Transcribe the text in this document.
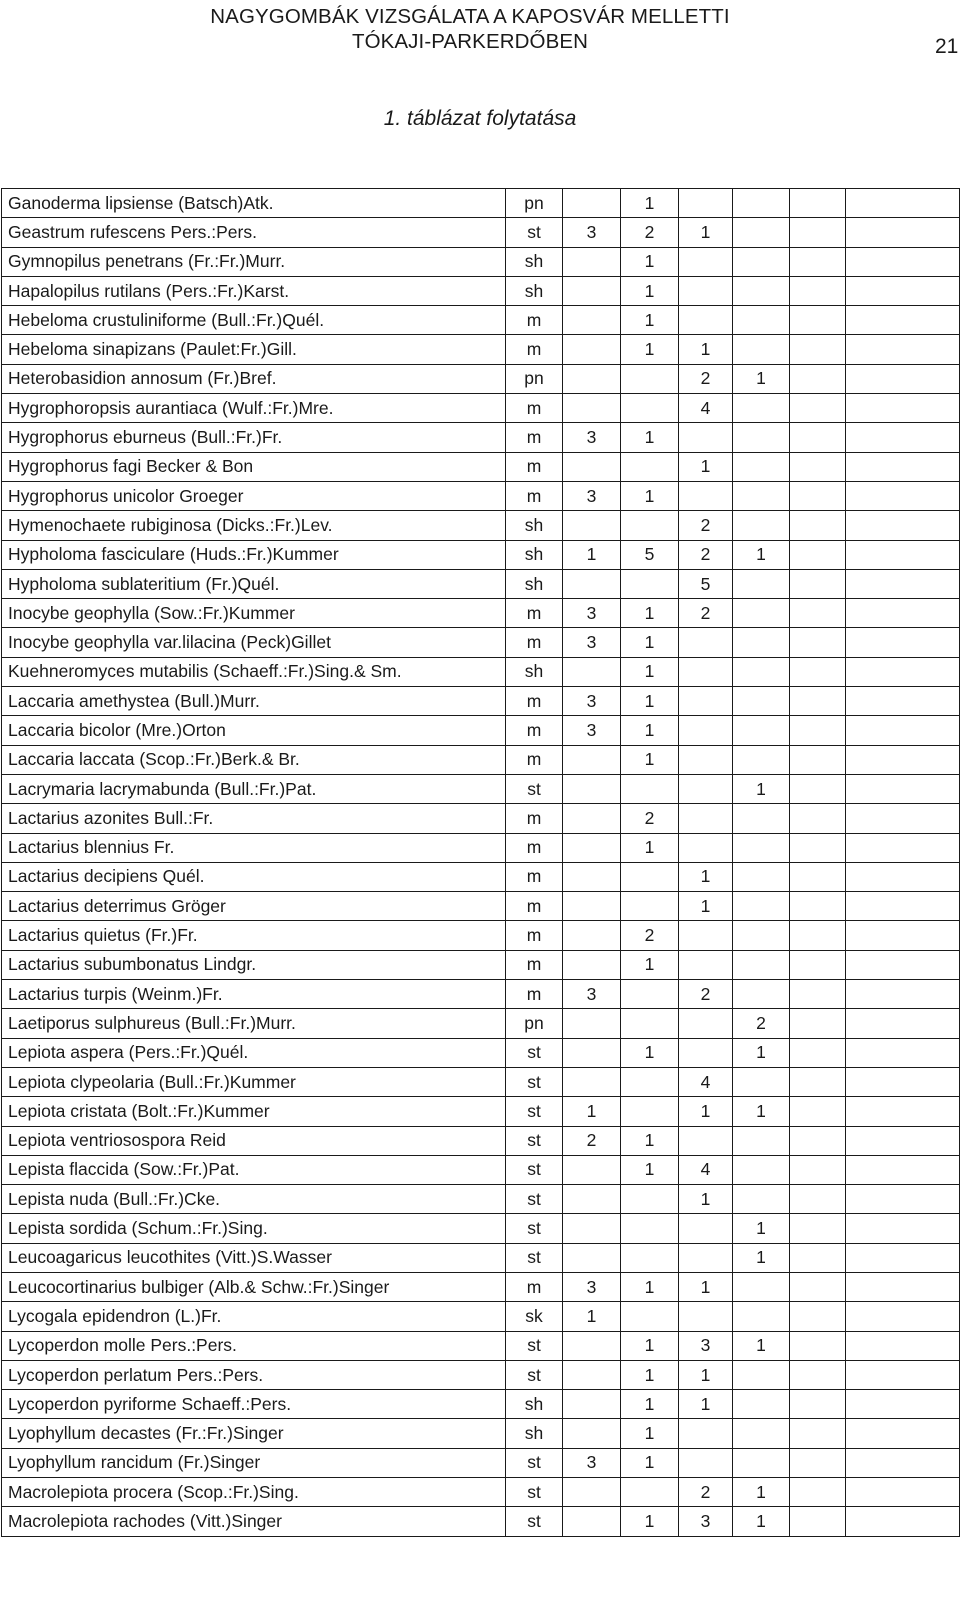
NAGYGOMBÁK VIZSGÁLATA A KAPOSVÁR MELLETTI
TÓKAJI-PARKERDŐBEN	21
1. táblázat folytatása
Ganoderma lipsiense (Batsch)Atk.	pn		1				
Geastrum rufescens Pers.:Pers.	st	3	2	1			
Gymnopilus penetrans (Fr.:Fr.)Murr.	sh		1				
Hapalopilus rutilans (Pers.:Fr.)Karst.	sh		1				
Hebeloma crustuliniforme (Bull.:Fr.)Quél.	m		1				
Hebeloma sinapizans (Paulet:Fr.)Gill.	m		1	1			
Heterobasidion annosum (Fr.)Bref.	pn			2	1		
Hygrophoropsis aurantiaca (Wulf.:Fr.)Mre.	m			4			
Hygrophorus eburneus (Bull.:Fr.)Fr.	m	3	1				
Hygrophorus fagi Becker & Bon	m			1			
Hygrophorus unicolor Groeger	m	3	1				
Hymenochaete rubiginosa (Dicks.:Fr.)Lev.	sh			2			
Hypholoma fasciculare (Huds.:Fr.)Kummer	sh	1	5	2	1		
Hypholoma sublateritium (Fr.)Quél.	sh			5			
Inocybe geophylla (Sow.:Fr.)Kummer	m	3	1	2			
Inocybe geophylla var.lilacina (Peck)Gillet	m	3	1				
Kuehneromyces mutabilis (Schaeff.:Fr.)Sing.& Sm.	sh		1				
Laccaria amethystea (Bull.)Murr.	m	3	1				
Laccaria bicolor (Mre.)Orton	m	3	1				
Laccaria laccata (Scop.:Fr.)Berk.& Br.	m		1				
Lacrymaria lacrymabunda (Bull.:Fr.)Pat.	st				1		
Lactarius azonites Bull.:Fr.	m		2				
Lactarius blennius Fr.	m		1				
Lactarius decipiens Quél.	m			1			
Lactarius deterrimus Gröger	m			1			
Lactarius quietus (Fr.)Fr.	m		2				
Lactarius subumbonatus Lindgr.	m		1				
Lactarius turpis (Weinm.)Fr.	m	3		2			
Laetiporus sulphureus (Bull.:Fr.)Murr.	pn				2		
Lepiota aspera (Pers.:Fr.)Quél.	st		1		1		
Lepiota clypeolaria (Bull.:Fr.)Kummer	st			4			
Lepiota cristata (Bolt.:Fr.)Kummer	st	1		1	1		
Lepiota ventriosospora Reid	st	2	1				
Lepista flaccida (Sow.:Fr.)Pat.	st		1	4			
Lepista nuda (Bull.:Fr.)Cke.	st			1			
Lepista sordida (Schum.:Fr.)Sing.	st				1		
Leucoagaricus leucothites (Vitt.)S.Wasser	st				1		
Leucocortinarius bulbiger (Alb.& Schw.:Fr.)Singer	m	3	1	1			
Lycogala epidendron (L.)Fr.	sk	1					
Lycoperdon molle Pers.:Pers.	st		1	3	1		
Lycoperdon perlatum Pers.:Pers.	st		1	1			
Lycoperdon pyriforme Schaeff.:Pers.	sh		1	1			
Lyophyllum decastes (Fr.:Fr.)Singer	sh		1				
Lyophyllum rancidum (Fr.)Singer	st	3	1				
Macrolepiota procera (Scop.:Fr.)Sing.	st			2	1		
Macrolepiota rachodes (Vitt.)Singer	st		1	3	1		
